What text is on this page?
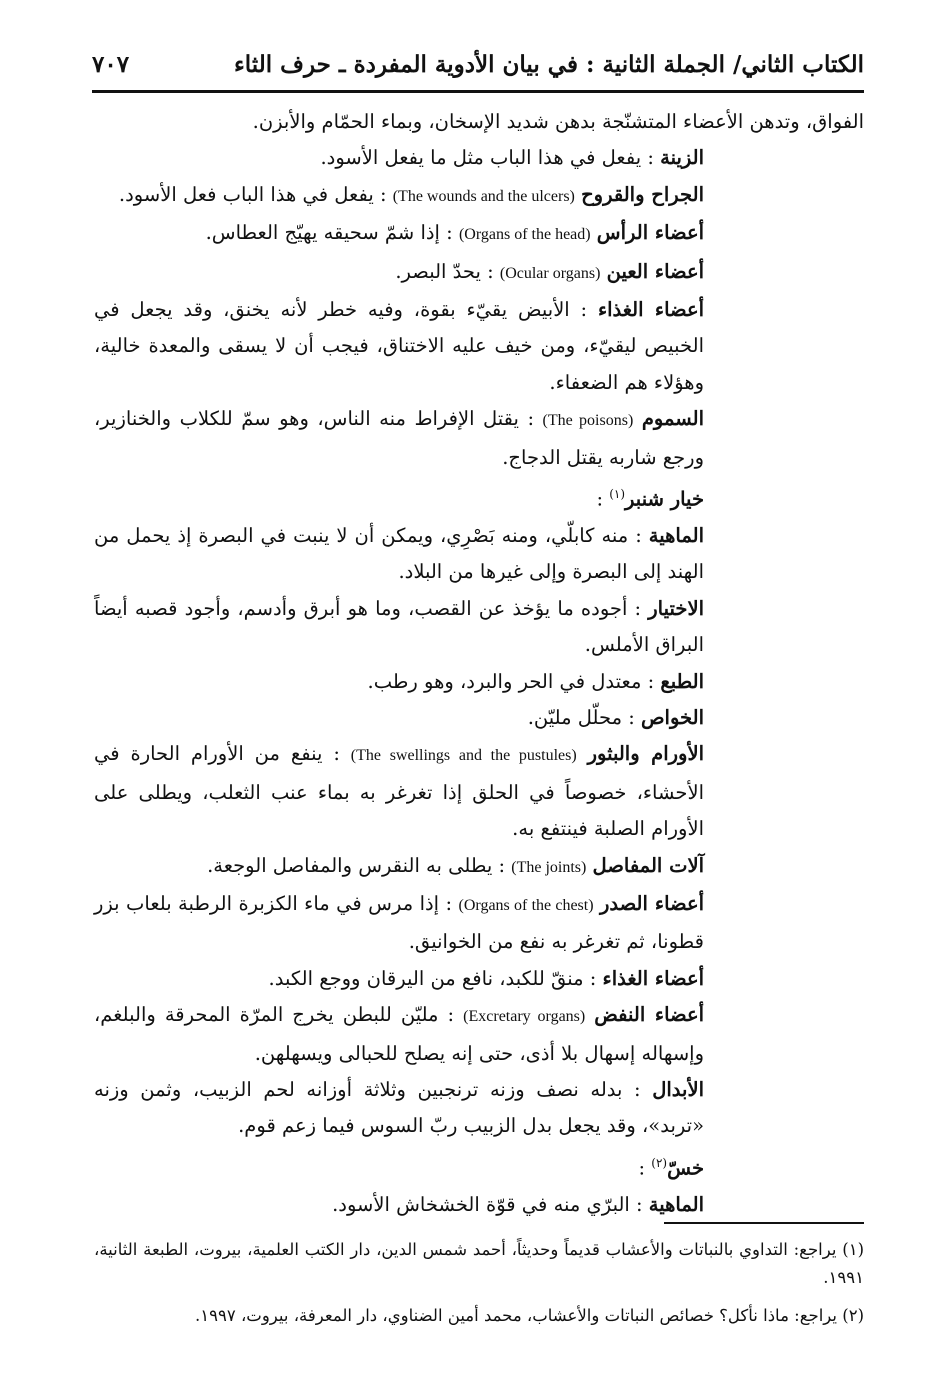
٧٠٧	الكتاب الثاني/ الجملة الثانية : في بيان الأدوية المفردة ـ حرف الثاء

الفواق، وتدهن الأعضاء المتشنّجة بدهن شديد الإسخان، وبماء الحمّام والأبزن.

الزينة : يفعل في هذا الباب مثل ما يفعل الأسود.

الجراح والقروح (The wounds and the ulcers) : يفعل في هذا الباب فعل الأسود.

أعضاء الرأس (Organs of the head) : إذا شمّ سحيقه يهيّج العطاس.

أعضاء العين (Ocular organs) : يحدّ البصر.

أعضاء الغذاء : الأبيض يقيّء بقوة، وفيه خطر لأنه يخنق، وقد يجعل في الخبيص ليقيّء، ومن خيف عليه الاختناق، فيجب أن لا يسقى والمعدة خالية، وهؤلاء هم الضعفاء.

السموم (The poisons) : يقتل الإفراط منه الناس، وهو سمّ للكلاب والخنازير، ورجع شاربه يقتل الدجاج.

خيار شنبر$^{(١)}$ :

الماهية : منه كابلّي، ومنه بَصْرِي، ويمكن أن لا ينبت في البصرة إذ يحمل من الهند إلى البصرة وإلى غيرها من البلاد.

الاختيار : أجوده ما يؤخذ عن القصب، وما هو أبرق وأدسم، وأجود قصبه أيضاً البراق الأملس.

الطبع : معتدل في الحر والبرد، وهو رطب.

الخواص : محلّل مليّن.

الأورام والبثور (The swellings and the pustules) : ينفع من الأورام الحارة في الأحشاء، خصوصاً في الحلق إذا تغرغر به بماء عنب الثعلب، ويطلى على الأورام الصلبة فينتفع به.

آلات المفاصل (The joints) : يطلى به النقرس والمفاصل الوجعة.

أعضاء الصدر (Organs of the chest) : إذا مرس في ماء الكزبرة الرطبة بلعاب بزر قطونا، ثم تغرغر به نفع من الخوانيق.

أعضاء الغذاء : منقّ للكبد، نافع من اليرقان ووجع الكبد.

أعضاء النفض (Excretary organs) : مليّن للبطن يخرج المرّة المحرقة والبلغم، وإسهاله إسهال بلا أذى، حتى إنه يصلح للحبالى ويسهلهن.

الأبدال : بدله نصف وزنه ترنجبين وثلاثة أوزانه لحم الزبيب، وثمن وزنه «تربد»، وقد يجعل بدل الزبيب ربّ السوس فيما زعم قوم.

خسّ$^{(٢)}$ :

الماهية : البرّي منه في قوّة الخشخاش الأسود.

(١) يراجع: التداوي بالنباتات والأعشاب قديماً وحديثاً، أحمد شمس الدين، دار الكتب العلمية، بيروت، الطبعة الثانية، ١٩٩١.

(٢) يراجع: ماذا نأكل؟ خصائص النباتات والأعشاب، محمد أمين الضناوي، دار المعرفة، بيروت، ١٩٩٧.
